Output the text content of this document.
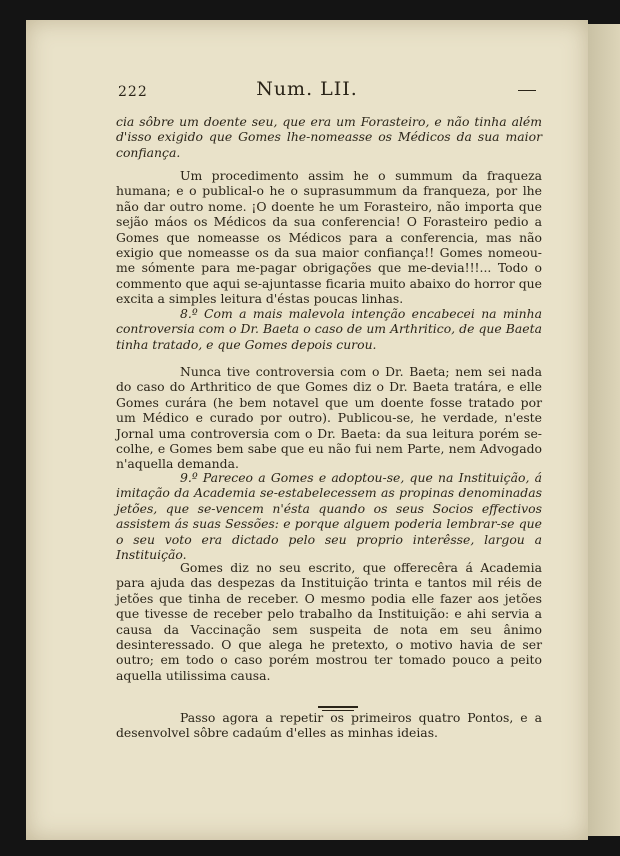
222	Num. LII.

cia sôbre um doente seu, que era um Forasteiro, e não tinha além d'isso exigido que Gomes lhe-nomeasse os Médicos da sua maior confiança.

Um procedimento assim he o summum da fraqueza humana; e o publical-o he o suprasummum da franqueza, por lhe não dar outro nome. ¡O doente he um Forasteiro, não importa que sejão máos os Médicos da sua conferencia! O Forasteiro pedio a Gomes que nomeasse os Médicos para a conferencia, mas não exigio que nomeasse os da sua maior confiança!! Gomes nomeou-me sómente para me-pagar obrigações que me-devia!!!... Todo o commento que aqui se-ajuntasse ficaria muito abaixo do horror que excita a simples leitura d'éstas poucas linhas.

8.º Com a mais malevola intenção encabecei na minha controversia com o Dr. Baeta o caso de um Arthritico, de que Baeta tinha tratado, e que Gomes depois curou.

Nunca tive controversia com o Dr. Baeta; nem sei nada do caso do Arthritico de que Gomes diz o Dr. Baeta tratára, e elle Gomes curára (he bem notavel que um doente fosse tratado por um Médico e curado por outro). Publicou-se, he verdade, n'este Jornal uma controversia com o Dr. Baeta: da sua leitura porém se-colhe, e Gomes bem sabe que eu não fui nem Parte, nem Advogado n'aquella demanda.

9.º Pareceo a Gomes e adoptou-se, que na Instituição, á imitação da Academia se-estabelecessem as propinas denominadas jetões, que se-vencem n'ésta quando os seus Socios effectivos assistem ás suas Sessões: e porque alguem poderia lembrar-se que o seu voto era dictado pelo seu proprio interêsse, largou a Instituição.

Gomes diz no seu escrito, que offerecêra á Academia para ajuda das despezas da Instituição trinta e tantos mil réis de jetões que tinha de receber. O mesmo podia elle fazer aos jetões que tivesse de receber pelo trabalho da Instituição: e ahi servia a causa da Vaccinação sem suspeita de nota em seu ânimo desinteressado. O que alega he pretexto, o motivo havia de ser outro; em todo o caso porém mostrou ter tomado pouco a peito aquella utilissima causa.

Passo agora a repetir os primeiros quatro Pontos, e a desenvolvel sôbre cadaúm d'elles as minhas ideias.
